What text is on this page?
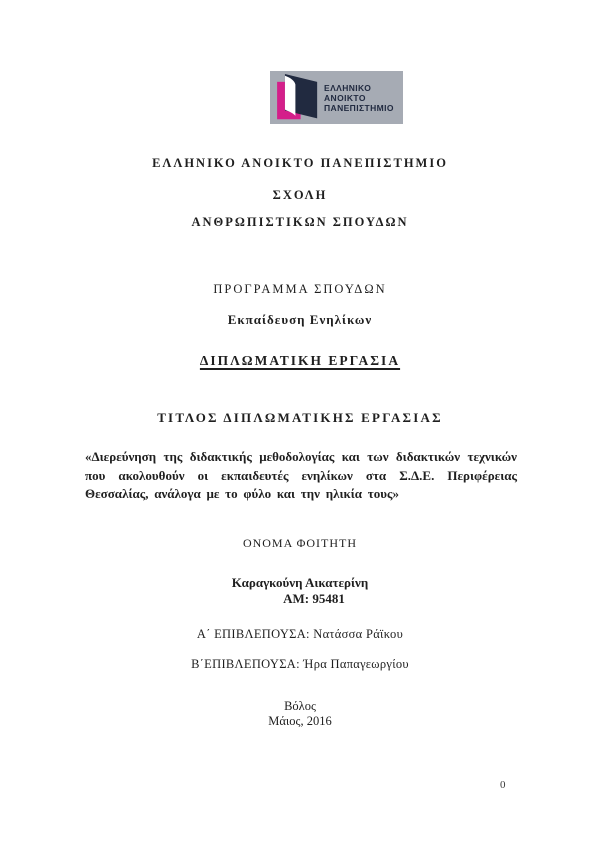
ΕΛΛΗΝΙΚΟ
ΑΝΟΙΚΤΟ
ΠΑΝΕΠΙΣΤΗΜΙΟ
ΕΛΛΗΝΙΚΟ ΑΝΟΙΚΤΟ ΠΑΝΕΠΙΣΤΗΜΙΟ
ΣΧΟΛΗ
ΑΝΘΡΩΠΙΣΤΙΚΩΝ ΣΠΟΥΔΩΝ
ΠΡΟΓΡΑΜΜΑ ΣΠΟΥΔΩΝ
Εκπαίδευση Ενηλίκων
ΔΙΠΛΩΜΑΤΙΚΗ ΕΡΓΑΣΙΑ
ΤΙΤΛΟΣ ΔΙΠΛΩΜΑΤΙΚΗΣ ΕΡΓΑΣΙΑΣ
«Διερεύνηση της διδακτικής μεθοδολογίας και των διδακτικών τεχνικών που ακολουθούν οι εκπαιδευτές ενηλίκων στα Σ.Δ.Ε. Περιφέρειας Θεσσαλίας, ανάλογα με το φύλο και την ηλικία τους»
ΟΝΟΜΑ ΦΟΙΤΗΤΗ
Καραγκούνη Αικατερίνη
ΑΜ: 95481
Α΄ ΕΠΙΒΛΕΠΟΥΣΑ: Νατάσσα Ράϊκου
Β΄ΕΠΙΒΛΕΠΟΥΣΑ: Ήρα Παπαγεωργίου
Βόλος
Μάιος, 2016
0
